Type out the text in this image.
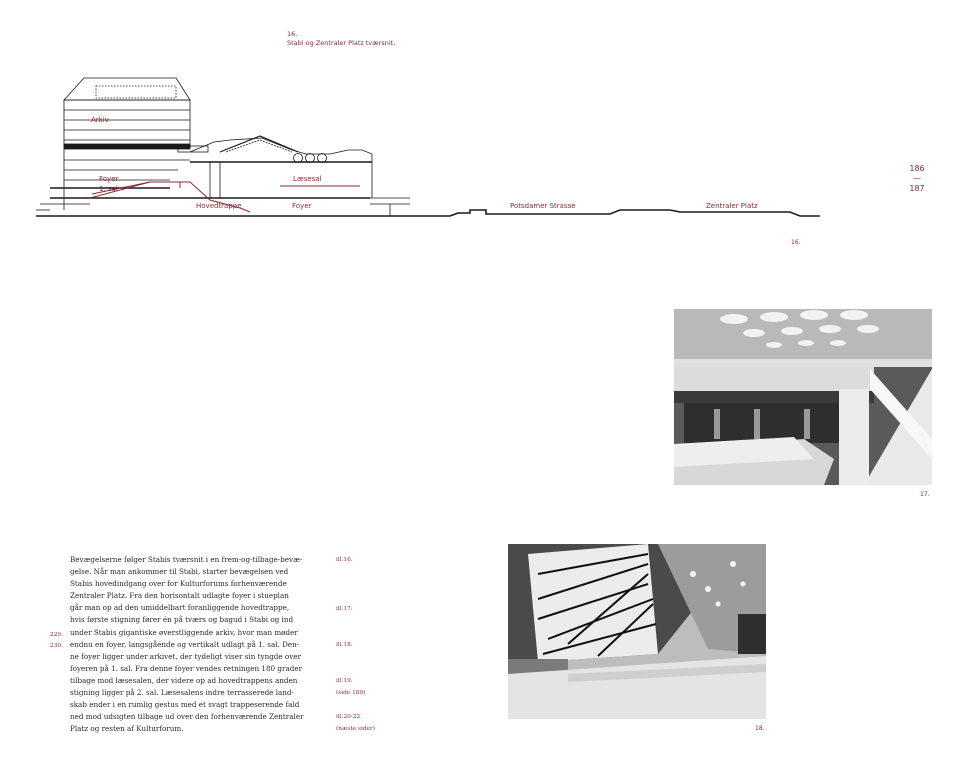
16.
Stabi og Zentraler Platz tværsnit.
Arkiv
Foyer
1. sal
Læsesal
Hovedtrappe	Foyer	Potsdamer Strasse	Zentraler Platz
16.
186
—
187
17.
18.
Bevægelserne følger Stabis tværsnit i en frem-og-tilbage-bevæ-
gelse. Når man ankommer til Stabi, starter bevægelsen ved
Stabis hovedindgang over for Kulturforums forhenværende
Zentraler Platz. Fra den horisontalt udlagte foyer i stueplan
går man op ad den umiddelbart foranliggende hovedtrappe,
hvis første stigning fører én på tværs og bagud i Stabi og ind
under Stabis gigantiske øverstliggende arkiv, hvor man møder
endnu en foyer, langsgående og vertikalt udlagt på 1. sal. Den-
ne foyer ligger under arkivet, der tydeligt viser sin tyngde over
foyeren på 1. sal. Fra denne foyer vendes retningen 180 grader
tilbage mod læsesalen, der videre op ad hovedtrappens anden
stigning ligger på 2. sal. Læsesalens indre terrasserede land-
skab ender i en rumlig gestus med et svagt trappeserende fald
ned mod udsigten tilbage ud over den forhenværende Zentraler
Platz og resten af Kulturforum.
229.
230.
ill.16.
ill.17.
ill.18.
ill.19.
(side 189)
ill.20-22.
(næste sider)
